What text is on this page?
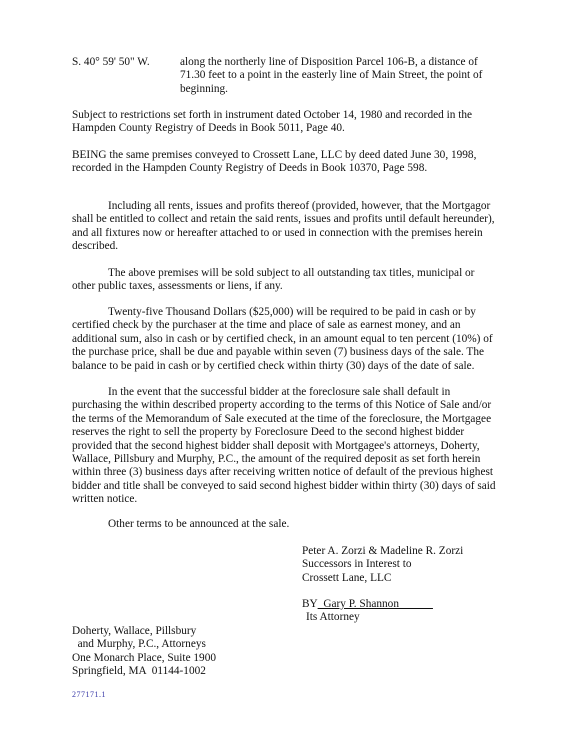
S. 40° 59' 50" W.	along the northerly line of Disposition Parcel 106-B, a distance of
71.30 feet to a point in the easterly line of Main Street, the point of
beginning.
Subject to restrictions set forth in instrument dated October 14, 1980 and recorded in the
Hampden County Registry of Deeds in Book 5011, Page 40.
BEING the same premises conveyed to Crossett Lane, LLC by deed dated June 30, 1998,
recorded in the Hampden County Registry of Deeds in Book 10370, Page 598.
Including all rents, issues and profits thereof (provided, however, that the Mortgagor
shall be entitled to collect and retain the said rents, issues and profits until default hereunder),
and all fixtures now or hereafter attached to or used in connection with the premises herein
described.
The above premises will be sold subject to all outstanding tax titles, municipal or
other public taxes, assessments or liens, if any.
Twenty-five Thousand Dollars ($25,000) will be required to be paid in cash or by
certified check by the purchaser at the time and place of sale as earnest money, and an
additional sum, also in cash or by certified check, in an amount equal to ten percent (10%) of
the purchase price, shall be due and payable within seven (7) business days of the sale. The
balance to be paid in cash or by certified check within thirty (30) days of the date of sale.
In the event that the successful bidder at the foreclosure sale shall default in
purchasing the within described property according to the terms of this Notice of Sale and/or
the terms of the Memorandum of Sale executed at the time of the foreclosure, the Mortgagee
reserves the right to sell the property by Foreclosure Deed to the second highest bidder
provided that the second highest bidder shall deposit with Mortgagee's attorneys, Doherty,
Wallace, Pillsbury and Murphy, P.C., the amount of the required deposit as set forth herein
within three (3) business days after receiving written notice of default of the previous highest
bidder and title shall be conveyed to said second highest bidder within thirty (30) days of said
written notice.
Other terms to be announced at the sale.
Peter A. Zorzi & Madeline R. Zorzi
Successors in Interest to
Crossett Lane, LLC
BY_Gary P. Shannon______
Its Attorney
Doherty, Wallace, Pillsbury
and Murphy, P.C., Attorneys
One Monarch Place, Suite 1900
Springfield, MA  01144-1002
277171.1
